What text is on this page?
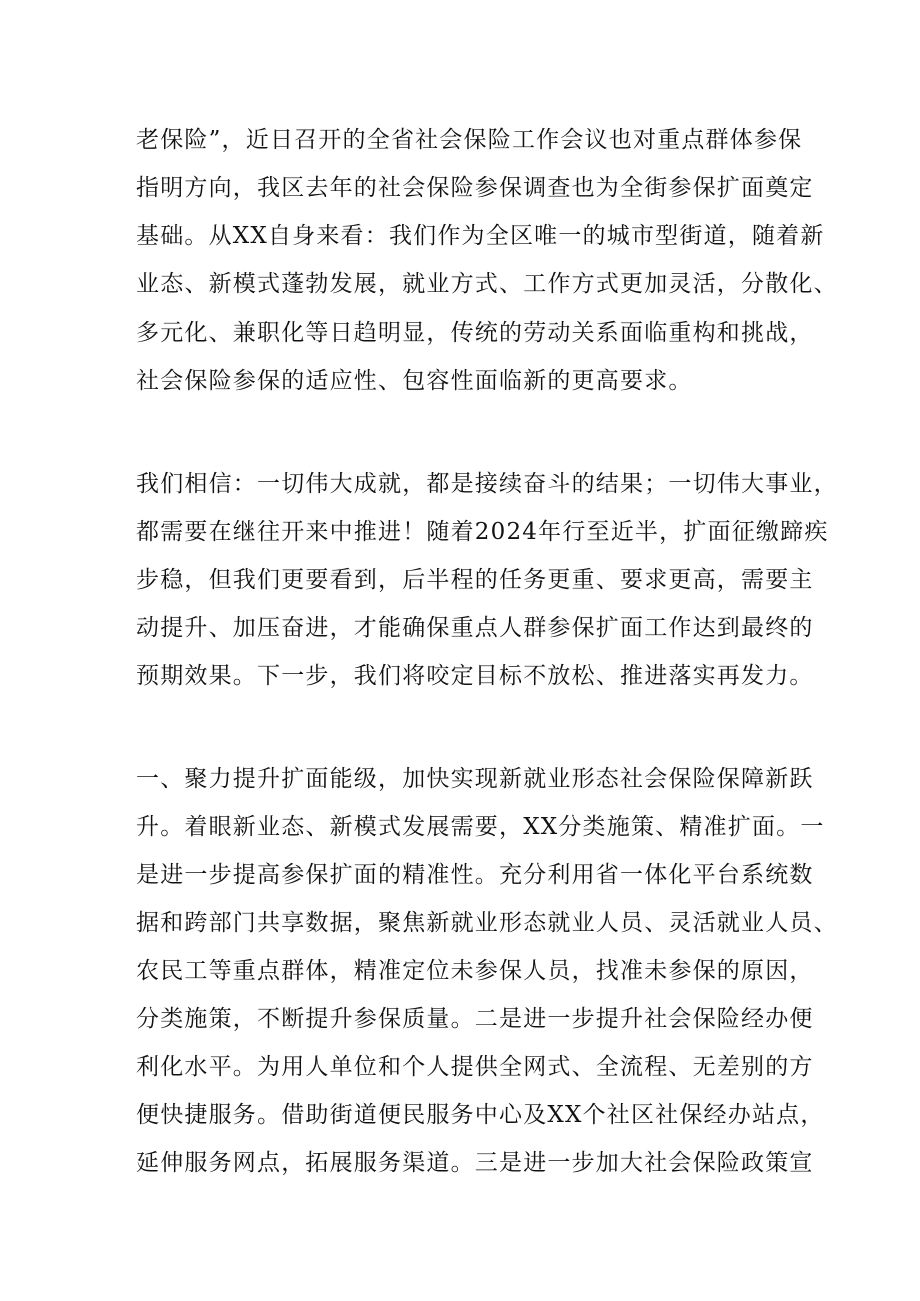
老保险”，近日召开的全省社会保险工作会议也对重点群体参保
指明方向，我区去年的社会保险参保调查也为全街参保扩面奠定
基础。从XX自身来看：我们作为全区唯一的城市型街道，随着新
业态、新模式蓬勃发展，就业方式、工作方式更加灵活，分散化、
多元化、兼职化等日趋明显，传统的劳动关系面临重构和挑战，
社会保险参保的适应性、包容性面临新的更高要求。
我们相信：一切伟大成就，都是接续奋斗的结果；一切伟大事业，
都需要在继往开来中推进！随着2024年行至近半，扩面征缴蹄疾
步稳，但我们更要看到，后半程的任务更重、要求更高，需要主
动提升、加压奋进，才能确保重点人群参保扩面工作达到最终的
预期效果。下一步，我们将咬定目标不放松、推进落实再发力。
一、聚力提升扩面能级，加快实现新就业形态社会保险保障新跃
升。着眼新业态、新模式发展需要，XX分类施策、精准扩面。一
是进一步提高参保扩面的精准性。充分利用省一体化平台系统数
据和跨部门共享数据，聚焦新就业形态就业人员、灵活就业人员、
农民工等重点群体，精准定位未参保人员，找准未参保的原因，
分类施策，不断提升参保质量。二是进一步提升社会保险经办便
利化水平。为用人单位和个人提供全网式、全流程、无差别的方
便快捷服务。借助街道便民服务中心及XX个社区社保经办站点，
延伸服务网点，拓展服务渠道。三是进一步加大社会保险政策宣
